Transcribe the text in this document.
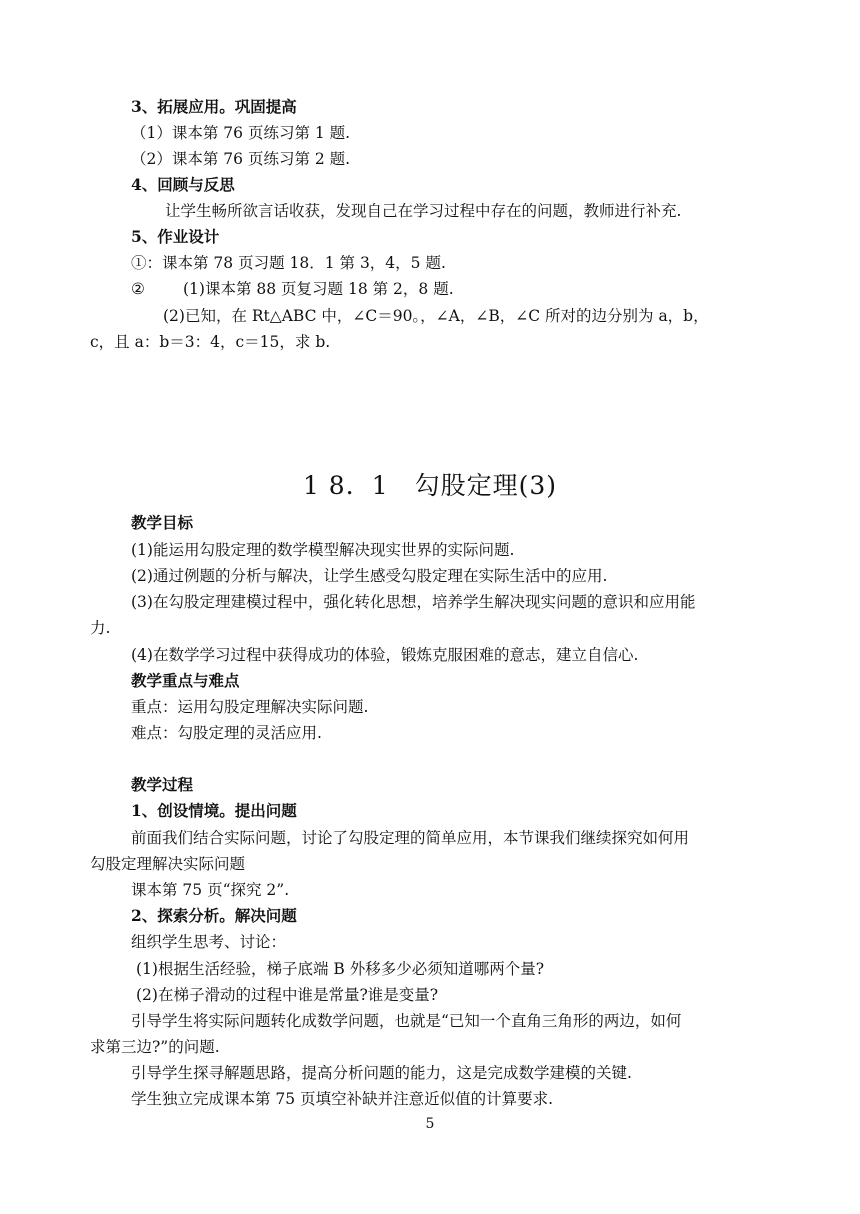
3、拓展应用。巩固提高
（1）课本第 76 页练习第 1 题.
（2）课本第 76 页练习第 2 题.
4、回顾与反思
让学生畅所欲言话收获，发现自己在学习过程中存在的问题，教师进行补充.
5、作业设计
①：课本第 78 页习题 18．1 第 3，4，5 题.
② (1)课本第 88 页复习题 18 第 2，8 题.
(2)已知，在 Rt△ABC 中，∠C＝90。，∠A，∠B，∠C 所对的边分别为 a，b，
c，且 a：b＝3：4，c＝15，求 b.
1 8．1　勾股定理(3)
教学目标
(1)能运用勾股定理的数学模型解决现实世界的实际问题.
(2)通过例题的分析与解决，让学生感受勾股定理在实际生活中的应用.
(3)在勾股定理建模过程中，强化转化思想，培养学生解决现实问题的意识和应用能
力.
(4)在数学学习过程中获得成功的体验，锻炼克服困难的意志，建立自信心.
教学重点与难点
重点：运用勾股定理解决实际问题.
难点：勾股定理的灵活应用.
教学过程
1、创设情境。提出问题
前面我们结合实际问题，讨论了勾股定理的简单应用，本节课我们继续探究如何用
勾股定理解决实际问题
课本第 75 页“探究 2”.
2、探索分析。解决问题
组织学生思考、讨论：
(1)根据生活经验，梯子底端 B 外移多少必须知道哪两个量?
(2)在梯子滑动的过程中谁是常量?谁是变量?
引导学生将实际问题转化成数学问题，也就是“已知一个直角三角形的两边，如何
求第三边?”的问题.
引导学生探寻解题思路，提高分析问题的能力，这是完成数学建模的关键.
学生独立完成课本第 75 页填空补缺并注意近似值的计算要求.
5
